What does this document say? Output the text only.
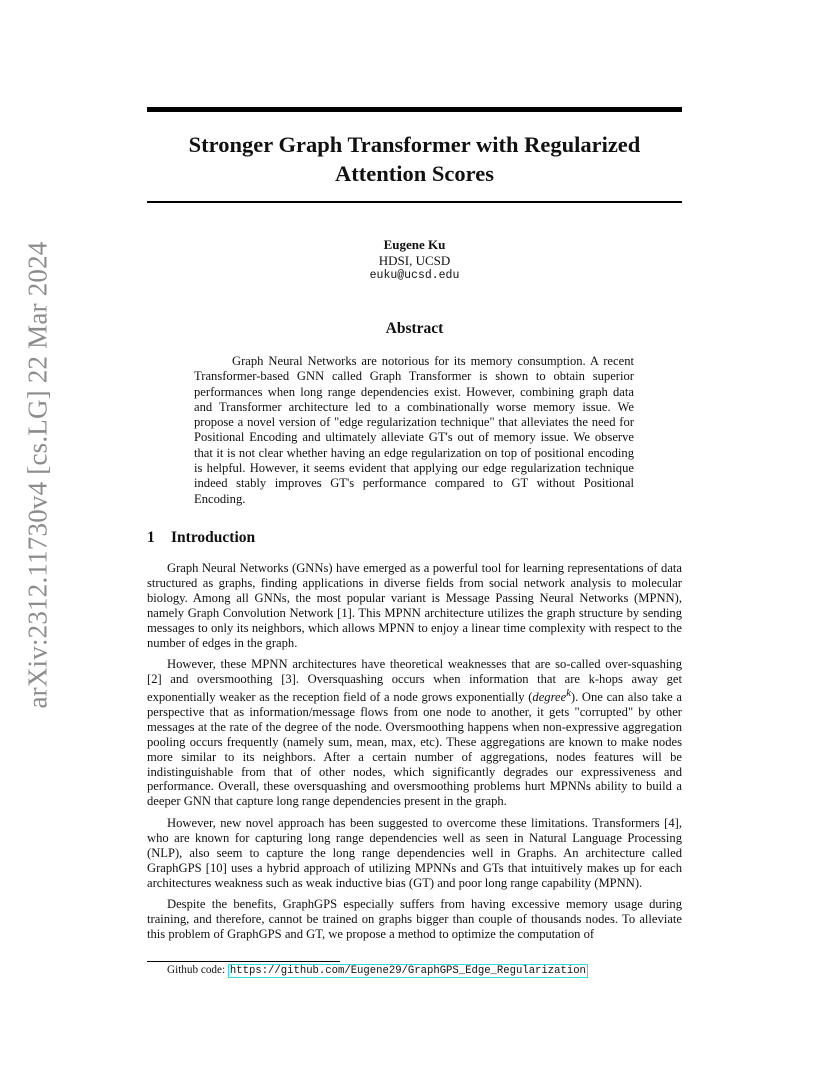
arXiv:2312.11730v4 [cs.LG] 22 Mar 2024
Stronger Graph Transformer with Regularized Attention Scores
Eugene Ku
HDSI, UCSD
euku@ucsd.edu
Abstract

Graph Neural Networks are notorious for its memory consumption. A recent Transformer-based GNN called Graph Transformer is shown to obtain superior performances when long range dependencies exist. However, combining graph data and Transformer architecture led to a combinationally worse memory issue. We propose a novel version of "edge regularization technique" that alleviates the need for Positional Encoding and ultimately alleviate GT's out of memory issue. We observe that it is not clear whether having an edge regularization on top of positional encoding is helpful. However, it seems evident that applying our edge regularization technique indeed stably improves GT's performance compared to GT without Positional Encoding.

1 Introduction

Graph Neural Networks (GNNs) have emerged as a powerful tool for learning representations of data structured as graphs, finding applications in diverse fields from social network analysis to molecular biology. Among all GNNs, the most popular variant is Message Passing Neural Networks (MPNN), namely Graph Convolution Network [1]. This MPNN architecture utilizes the graph structure by sending messages to only its neighbors, which allows MPNN to enjoy a linear time complexity with respect to the number of edges in the graph.

However, these MPNN architectures have theoretical weaknesses that are so-called over-squashing [2] and oversmoothing [3]. Oversquashing occurs when information that are k-hops away get exponentially weaker as the reception field of a node grows exponentially (degree$^k$). One can also take a perspective that as information/message flows from one node to another, it gets "corrupted" by other messages at the rate of the degree of the node. Oversmoothing happens when non-expressive aggregation pooling occurs frequently (namely sum, mean, max, etc). These aggregations are known to make nodes more similar to its neighbors. After a certain number of aggregations, nodes features will be indistinguishable from that of other nodes, which significantly degrades our expressiveness and performance. Overall, these oversquashing and oversmoothing problems hurt MPNNs ability to build a deeper GNN that capture long range dependencies present in the graph.

However, new novel approach has been suggested to overcome these limitations. Transformers [4], who are known for capturing long range dependencies well as seen in Natural Language Processing (NLP), also seem to capture the long range dependencies well in Graphs. An architecture called GraphGPS [10] uses a hybrid approach of utilizing MPNNs and GTs that intuitively makes up for each architectures weakness such as weak inductive bias (GT) and poor long range capability (MPNN).

Despite the benefits, GraphGPS especially suffers from having excessive memory usage during training, and therefore, cannot be trained on graphs bigger than couple of thousands nodes. To alleviate this problem of GraphGPS and GT, we propose a method to optimize the computation of

Github code: https://github.com/Eugene29/GraphGPS_Edge_Regularization
